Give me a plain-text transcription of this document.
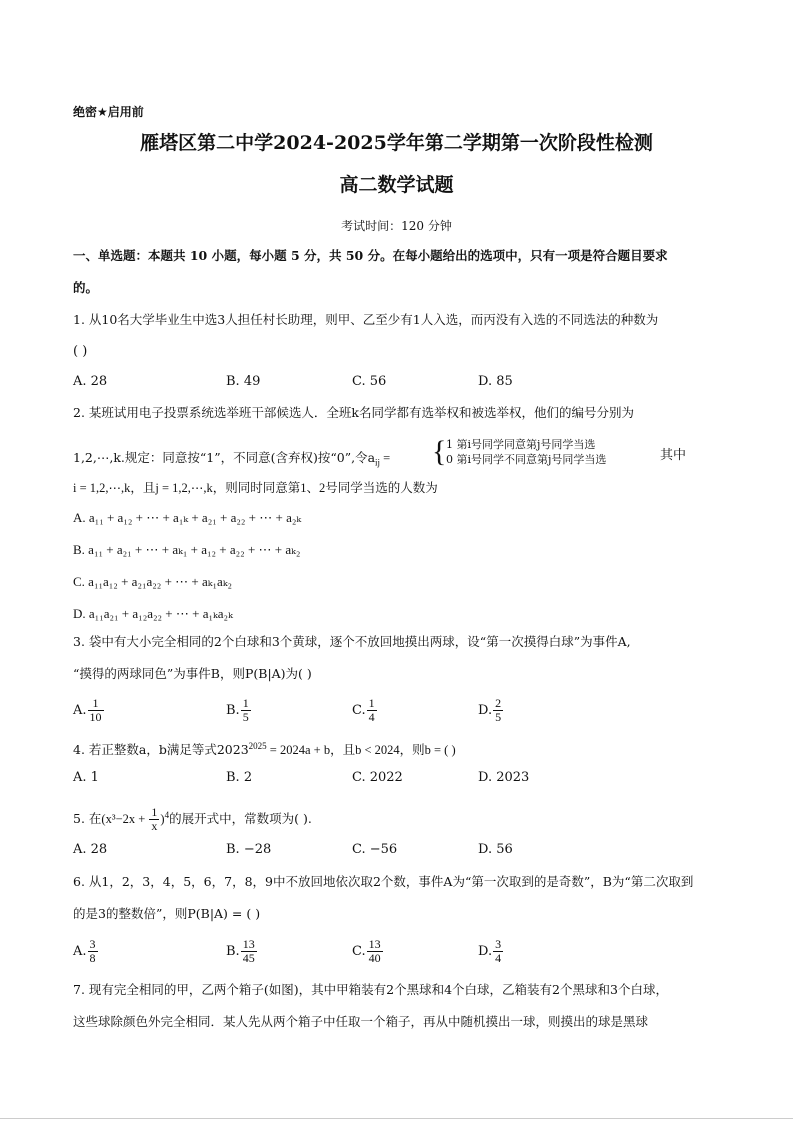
绝密★启用前
雁塔区第二中学2024-2025学年第二学期第一次阶段性检测
高二数学试题
考试时间：120 分钟
一、单选题：本题共 10 小题，每小题 5 分，共 50 分。在每小题给出的选项中，只有一项是符合题目要求
的。
1. 从10名大学毕业生中选3人担任村长助理，则甲、乙至少有1人入选，而丙没有入选的不同选法的种数为
( )
A. 28	B. 49	C. 56	D. 85
2. 某班试用电子投票系统选举班干部候选人．全班k名同学都有选举权和被选举权，他们的编号分别为
1,2,⋯,k.规定：同意按“1”，不同意(含弃权)按“0”,令$a_{ij}$ = { 1 第i号同学同意第j号同学当选
0 第i号同学不同意第j号同学当选	其中
i = 1,2,⋯,k，且j = 1,2,⋯,k，则同时同意第1、2号同学当选的人数为
A. a₁₁ + a₁₂ + ⋯ + a₁ₖ + a₂₁ + a₂₂ + ⋯ + a₂ₖ
B. a₁₁ + a₂₁ + ⋯ + aₖ₁ + a₁₂ + a₂₂ + ⋯ + aₖ₂
C. a₁₁a₁₂ + a₂₁a₂₂ + ⋯ + aₖ₁aₖ₂
D. a₁₁a₂₁ + a₁₂a₂₂ + ⋯ + a₁ₖa₂ₖ
3. 袋中有大小完全相同的2个白球和3个黄球，逐个不放回地摸出两球，设“第一次摸得白球”为事件A,
“摸得的两球同色”为事件B，则P(B|A)为( )
A. $\frac{1}{10}$	B. $\frac{1}{5}$	C. $\frac{1}{4}$	D. $\frac{2}{5}$
4. 若正整数a，b满足等式$2023^{2025} = 2024a + b$，且b < 2024，则b = ( )
A. 1	B. 2	C. 2022	D. 2023
5. 在$(x^3-2x + \frac{1}{x} )^4$的展开式中，常数项为( ).
A. 28	B. −28	C. −56	D. 56
6. 从1，2，3，4，5，6，7，8，9中不放回地依次取2个数，事件A为“第一次取到的是奇数”，B为“第二次取到
的是3的整数倍”，则P(B|A) = ( )
A. $\frac{3}{8}$	B. $\frac{13}{45}$	C. $\frac{13}{40}$	D. $\frac{3}{4}$
7. 现有完全相同的甲，乙两个箱子(如图)，其中甲箱装有2个黑球和4个白球，乙箱装有2个黑球和3个白球，
这些球除颜色外完全相同．某人先从两个箱子中任取一个箱子，再从中随机摸出一球，则摸出的球是黑球
